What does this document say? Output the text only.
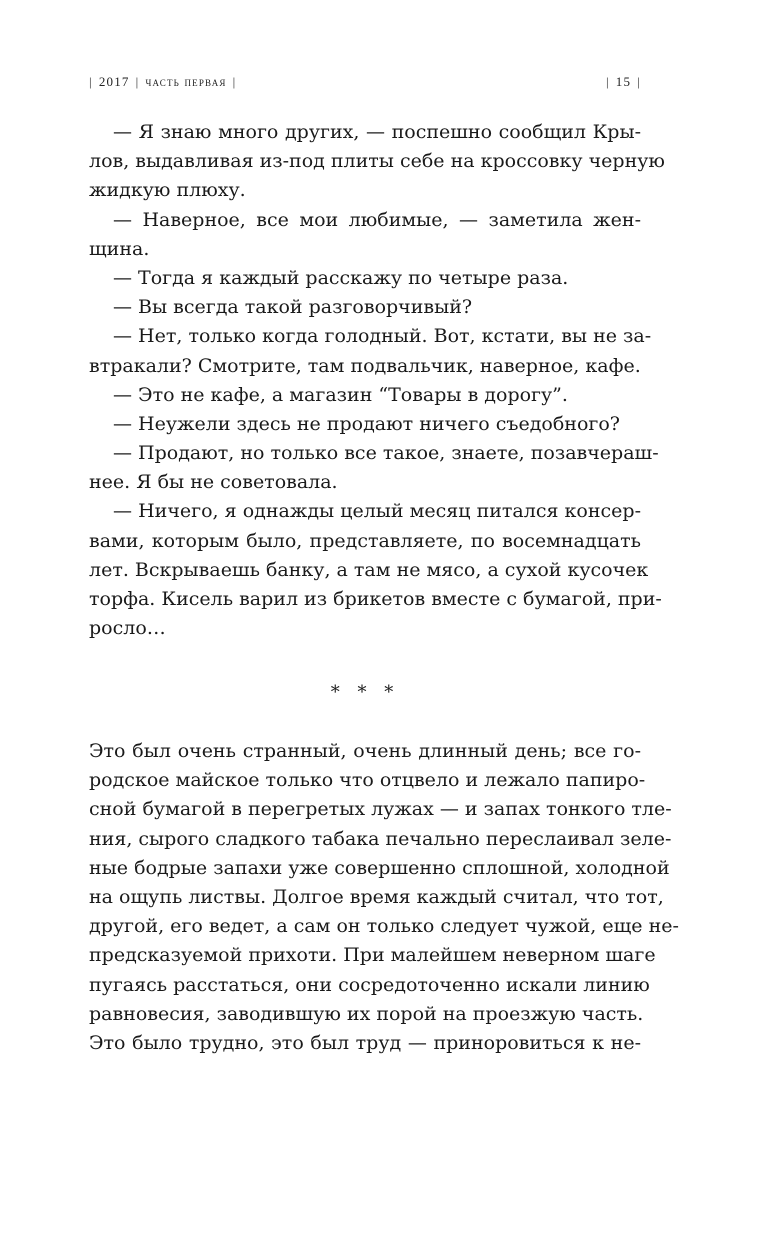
| 2017 | часть первая |	| 15 |
— Я знаю много других, — поспешно сообщил Кры-
лов, выдавливая из-под плиты себе на кроссовку черную
жидкую плюху.
— Наверное, все мои любимые, — заметила жен-
щина.
— Тогда я каждый расскажу по четыре раза.
— Вы всегда такой разговорчивый?
— Нет, только когда голодный. Вот, кстати, вы не за-
втракали? Смотрите, там подвальчик, наверное, кафе.
— Это не кафе, а магазин “Товары в дорогу”.
— Неужели здесь не продают ничего съедобного?
— Продают, но только все такое, знаете, позавчераш-
нее. Я бы не советовала.
— Ничего, я однажды целый месяц питался консер-
вами, которым было, представляете, по восемнадцать
лет. Вскрываешь банку, а там не мясо, а сухой кусочек
торфа. Кисель варил из брикетов вместе с бумагой, при-
росло…
* * *
Это был очень странный, очень длинный день; все го-
родское майское только что отцвело и лежало папиро-
сной бумагой в перегретых лужах — и запах тонкого тле-
ния, сырого сладкого табака печально переслаивал зеле-
ные бодрые запахи уже совершенно сплошной, холодной
на ощупь листвы. Долгое время каждый считал, что тот,
другой, его ведет, а сам он только следует чужой, еще не-
предсказуемой прихоти. При малейшем неверном шаге
пугаясь расстаться, они сосредоточенно искали линию
равновесия, заводившую их порой на проезжую часть.
Это было трудно, это был труд — приноровиться к не-
